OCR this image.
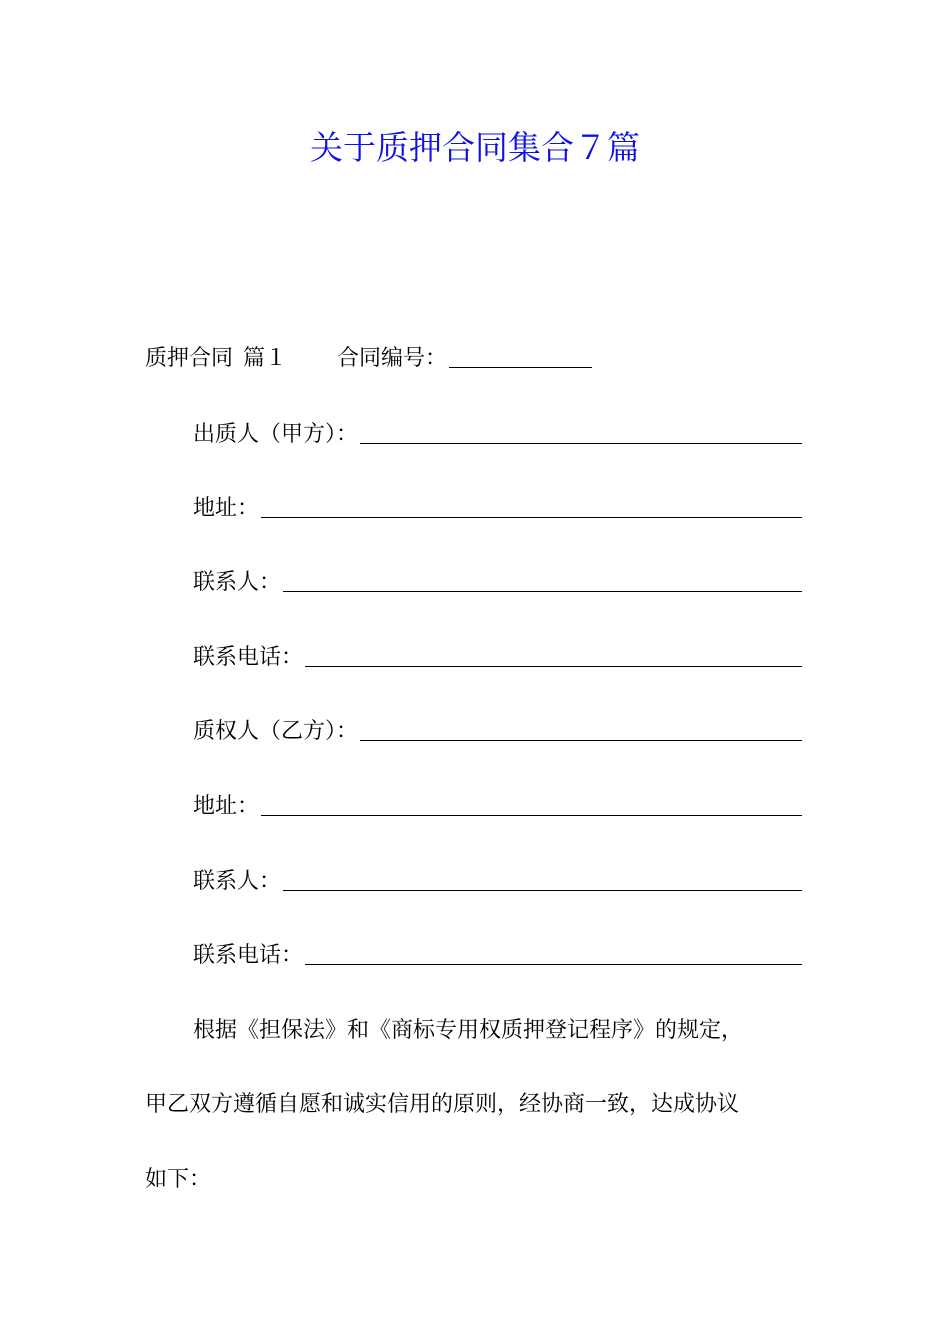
关于质押合同集合７篇
质押合同 篇１ 合同编号：
出质人（甲方）：
地址：
联系人：
联系电话：
质权人（乙方）：
地址：
联系人：
联系电话：
根据《担保法》和《商标专用权质押登记程序》的规定，
甲乙双方遵循自愿和诚实信用的原则，经协商一致，达成协议
如下：
